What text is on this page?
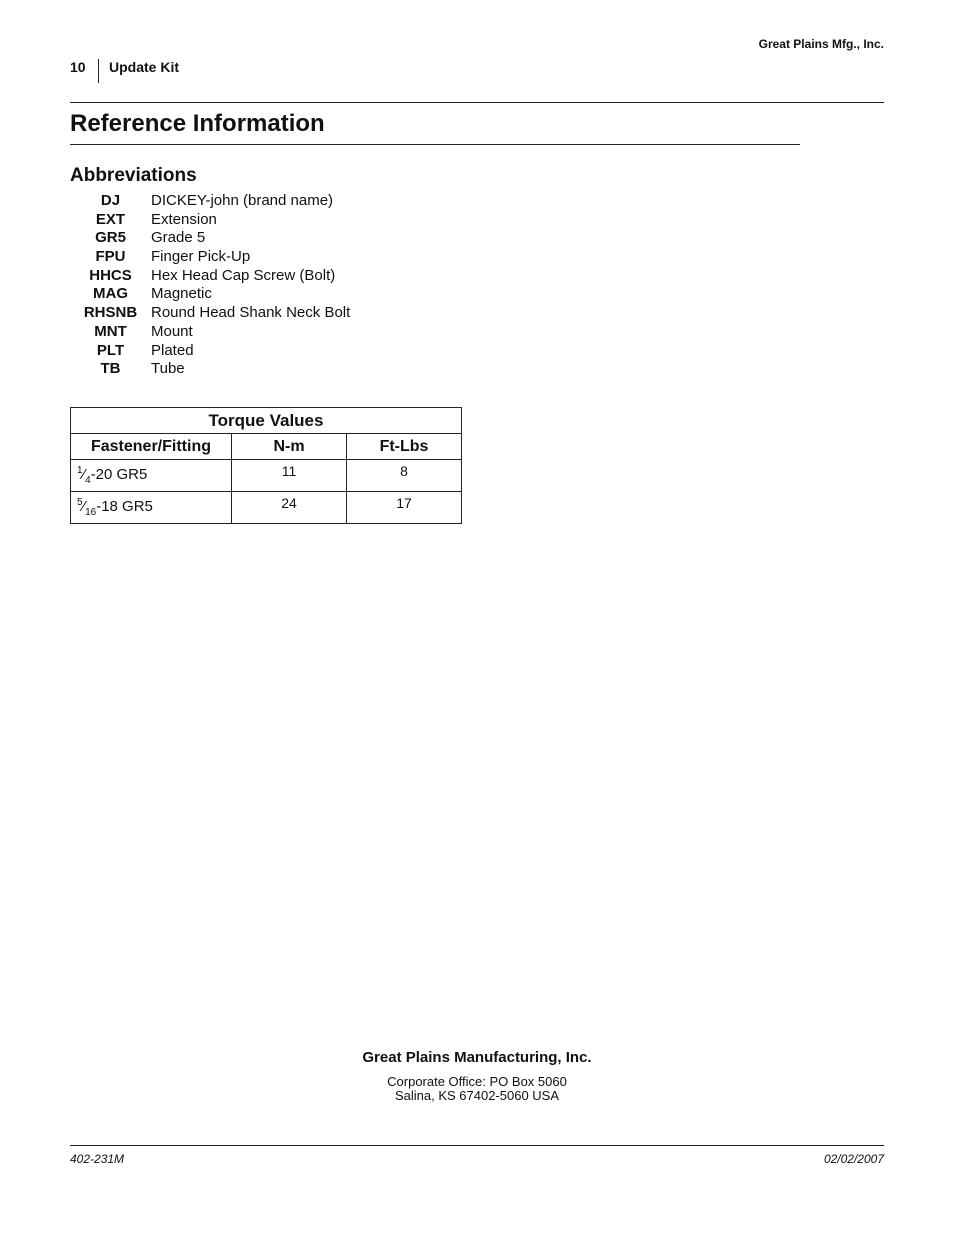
Great Plains Mfg., Inc.
10 Update Kit
Reference Information
Abbreviations
DJ	DICKEY-john (brand name)
EXT	Extension
GR5	Grade 5
FPU	Finger Pick-Up
HHCS	Hex Head Cap Screw (Bolt)
MAG	Magnetic
RHSNB Round Head Shank Neck Bolt
MNT	Mount
PLT	Plated
TB	Tube
Torque Values		
Fastener/Fitting	N-m	Ft-Lbs
$^1⁄_4-20$ GR5	11	8
$^5⁄_{16}-18$ GR5	24	17
Great Plains Manufacturing, Inc.
Corporate Office: PO Box 5060
Salina, KS 67402-5060 USA
402-231M	02/02/2007
